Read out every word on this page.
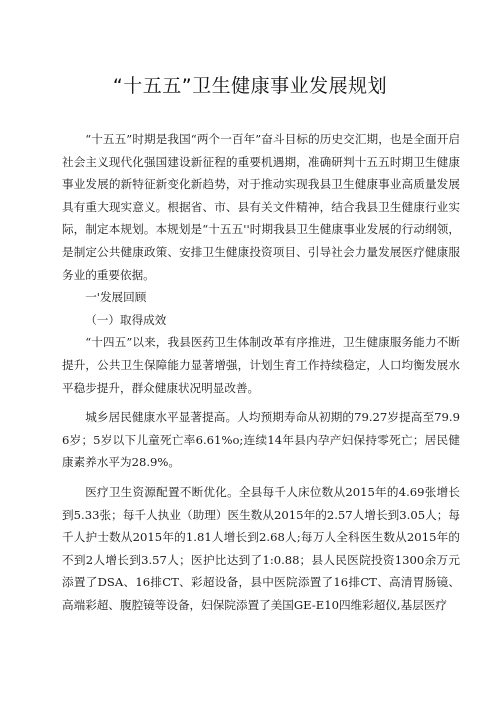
“十五五”卫生健康事业发展规划

“十五五”时期是我国“两个一百年”奋斗目标的历史交汇期，也是全面开启社会主义现代化强国建设新征程的重要机遇期，准确研判十五五时期卫生健康事业发展的新特征新变化新趋势，对于推动实现我县卫生健康事业高质量发展具有重大现实意义。根据省、市、县有关文件精神，结合我县卫生健康行业实际，制定本规划。本规划是“十五五''时期我县卫生健康事业发展的行动纲领，是制定公共健康政策、安排卫生健康投资项目、引导社会力量发展医疗健康服务业的重要依据。

一'发展回顾

（一）取得成效

“十四五”以来，我县医药卫生体制改革有序推进，卫生健康服务能力不断提升，公共卫生保障能力显著增强，计划生育工作持续稳定，人口均衡发展水平稳步提升，群众健康状况明显改善。

城乡居民健康水平显著提高。人均预期寿命从初期的79.27岁提高至79.96岁；5岁以下儿童死亡率6.61%o;连续14年县内孕产妇保持零死亡；居民健康素养水平为28.9%。

医疗卫生资源配置不断优化。全县每千人床位数从2015年的4.69张增长到5.33张；每千人执业（助理）医生数从2015年的2.57人增长到3.05人；每千人护士数从2015年的1.81人增长到2.68人;每万人全科医生数从2015年的不到2人增长到3.57人；医护比达到了1:0.88；县人民医院投资1300余万元添置了DSA、16排CT、彩超设备，县中医院添置了16排CT、高清胃肠镜、高端彩超、腹腔镜等设备，妇保院添置了美国GE-E10四维彩超仪,基层医疗
